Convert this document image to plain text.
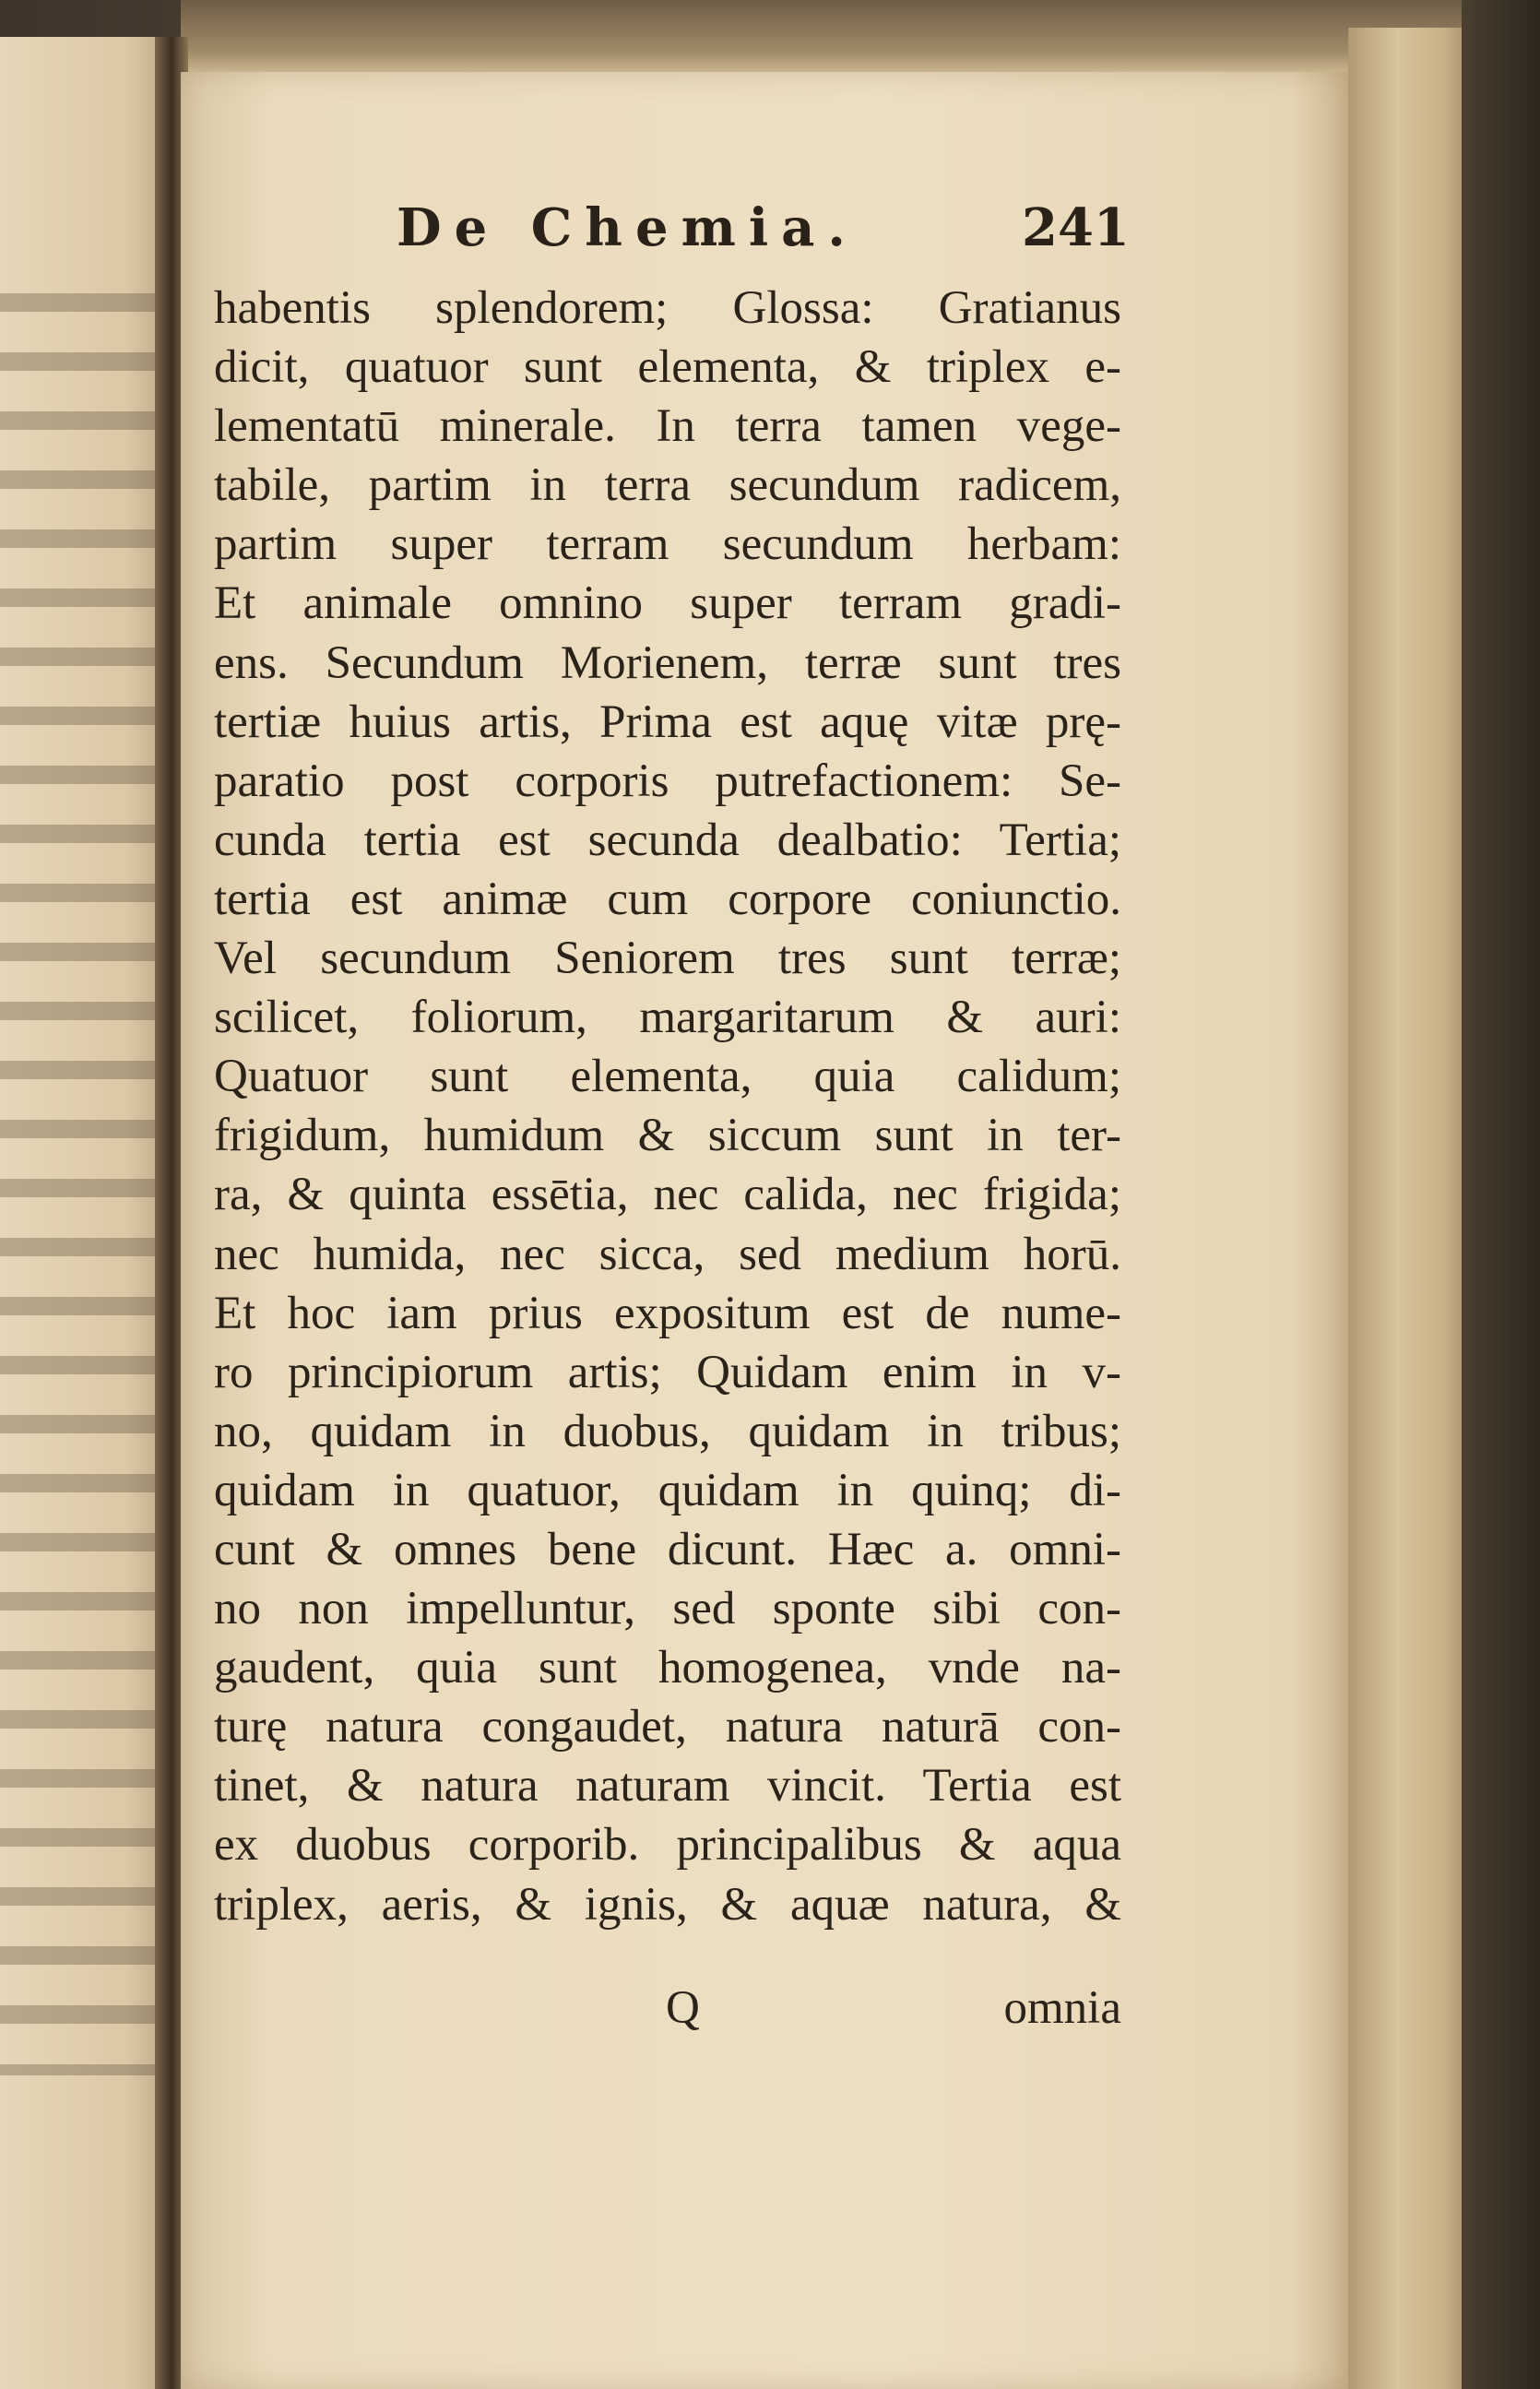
De Chemia.	241
habentis splendorem; Glossa: Gratianus
dicit, quatuor sunt elementa, & triplex e-
lementatū minerale. In terra tamen vege-
tabile, partim in terra secundum radicem,
partim super terram secundum herbam:
Et animale omnino super terram gradi-
ens. Secundum Morienem, terræ sunt tres
tertiæ huius artis, Prima est aquę vitæ prę-
paratio post corporis putrefactionem: Se-
cunda tertia est secunda dealbatio: Tertia;
tertia est animæ cum corpore coniunctio.
Vel secundum Seniorem tres sunt terræ;
scilicet, foliorum, margaritarum & auri:
Quatuor sunt elementa, quia calidum;
frigidum, humidum & siccum sunt in ter-
ra, & quinta essētia, nec calida, nec frigida;
nec humida, nec sicca, sed medium horū.
Et hoc iam prius expositum est de nume-
ro principiorum artis; Quidam enim in v-
no, quidam in duobus, quidam in tribus;
quidam in quatuor, quidam in quinq; di-
cunt & omnes bene dicunt. Hæc a. omni-
no non impelluntur, sed sponte sibi con-
gaudent, quia sunt homogenea, vnde na-
turę natura congaudet, natura naturā con-
tinet, & natura naturam vincit. Tertia est
ex duobus corporib. principalibus & aqua
triplex, aeris, & ignis, & aquæ natura, &
Q	omnia
